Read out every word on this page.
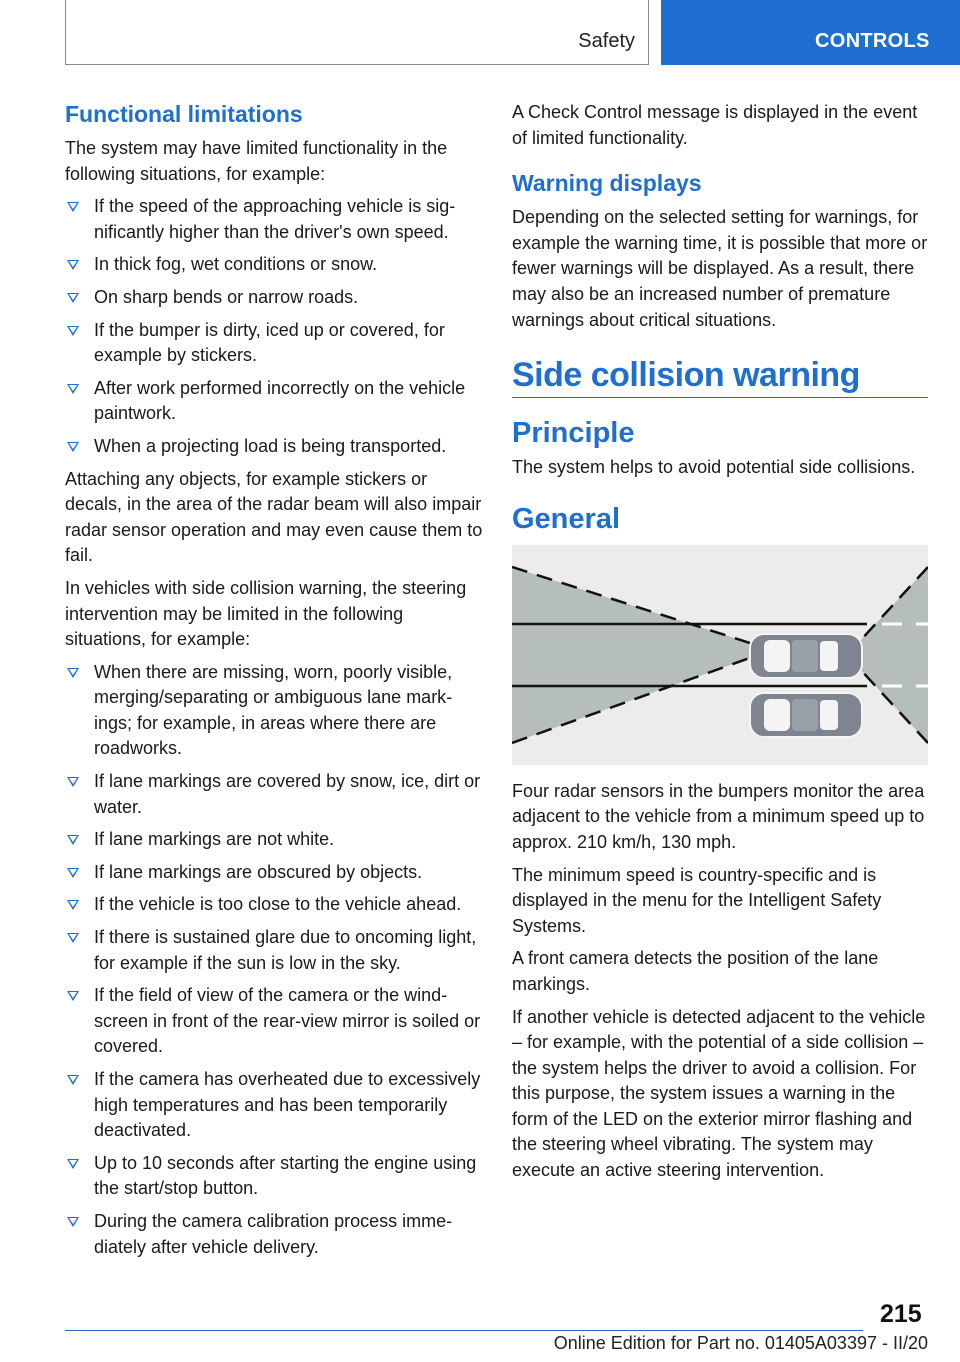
Safety	CONTROLS
Functional limitations

The system may have limited functionality in the following situations, for example:

If the speed of the approaching vehicle is significantly higher than the driver's own speed.
In thick fog, wet conditions or snow.
On sharp bends or narrow roads.
If the bumper is dirty, iced up or covered, for example by stickers.
After work performed incorrectly on the vehicle paintwork.
When a projecting load is being transported.

Attaching any objects, for example stickers or decals, in the area of the radar beam will also impair radar sensor operation and may even cause them to fail.

In vehicles with side collision warning, the steering intervention may be limited in the following situations, for example:

When there are missing, worn, poorly visible, merging/separating or ambiguous lane markings; for example, in areas where there are roadworks.
If lane markings are covered by snow, ice, dirt or water.
If lane markings are not white.
If lane markings are obscured by objects.
If the vehicle is too close to the vehicle ahead.
If there is sustained glare due to oncoming light, for example if the sun is low in the sky.
If the field of view of the camera or the windscreen in front of the rear-view mirror is soiled or covered.
If the camera has overheated due to excessively high temperatures and has been temporarily deactivated.
Up to 10 seconds after starting the engine using the start/stop button.
During the camera calibration process immediately after vehicle delivery.

A Check Control message is displayed in the event of limited functionality.

Warning displays

Depending on the selected setting for warnings, for example the warning time, it is possible that more or fewer warnings will be displayed. As a result, there may also be an increased number of premature warnings about critical situations.

Side collision warning
Principle

The system helps to avoid potential side collisions.

General

Four radar sensors in the bumpers monitor the area adjacent to the vehicle from a minimum speed up to approx. 210 km/h, 130 mph.

The minimum speed is country-specific and is displayed in the menu for the Intelligent Safety Systems.

A front camera detects the position of the lane markings.

If another vehicle is detected adjacent to the vehicle – for example, with the potential of a side collision – the system helps the driver to avoid a collision. For this purpose, the system issues a warning in the form of the LED on the exterior mirror flashing and the steering wheel vibrating. The system may execute an active steering intervention.

215
Online Edition for Part no. 01405A03397 - II/20
